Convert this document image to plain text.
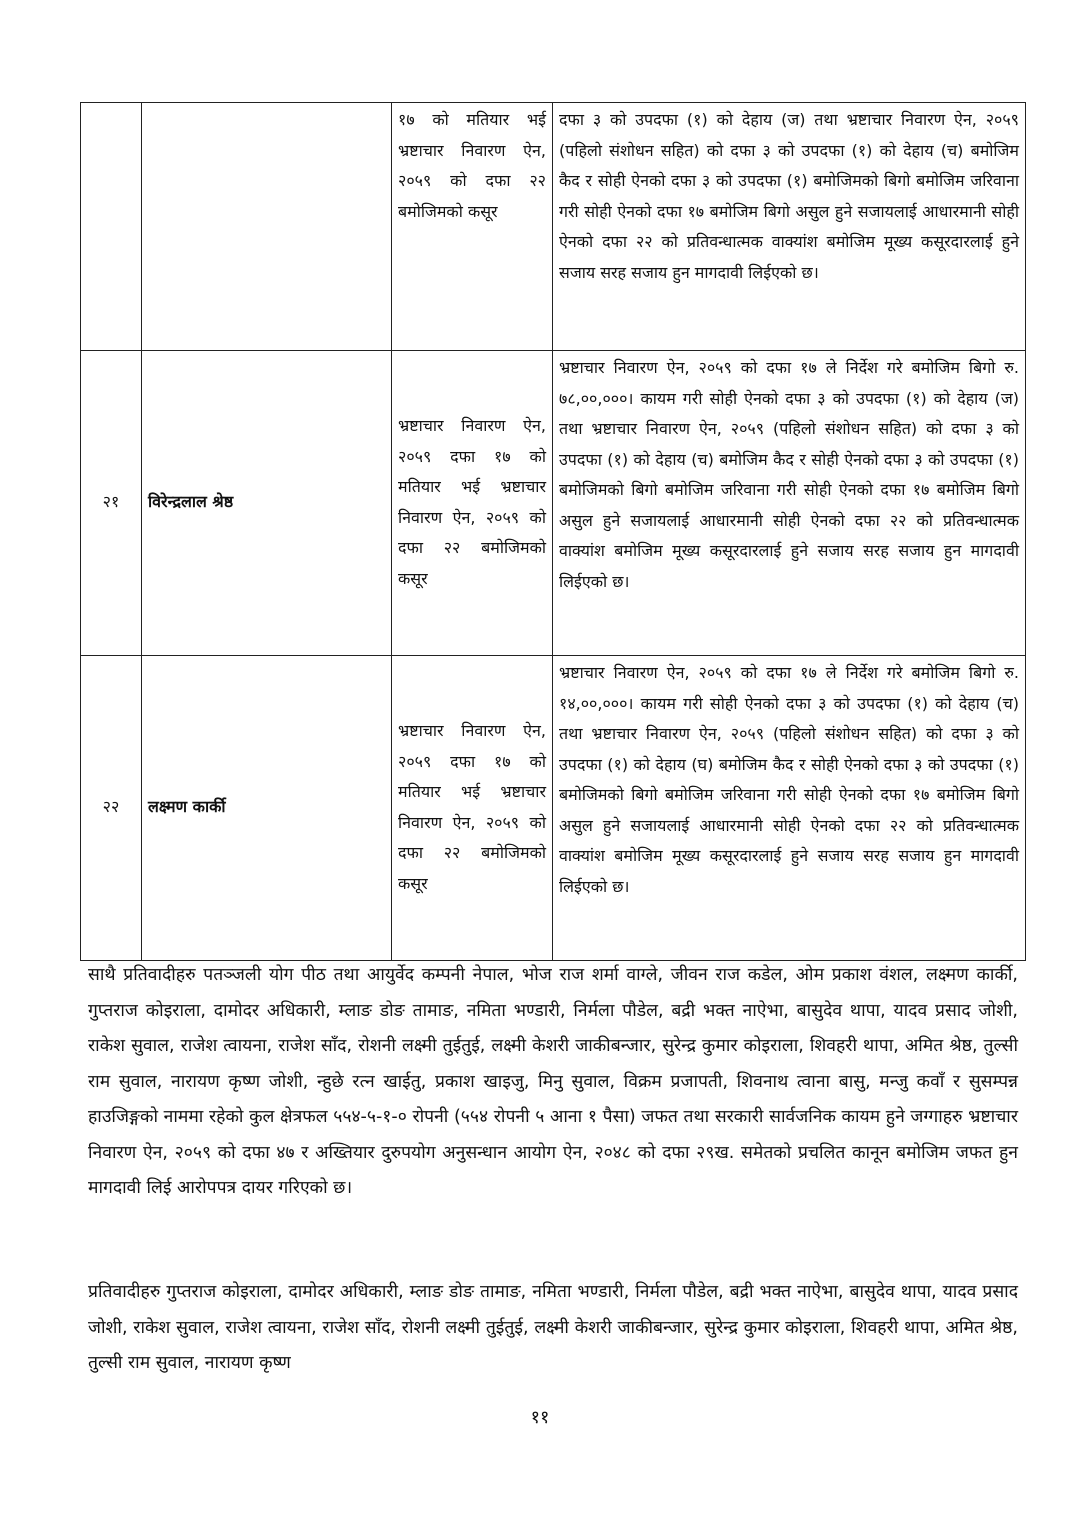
		१७ को मतियार भई भ्रष्टाचार निवारण ऐन, २०५९ को दफा २२ बमोजिमको कसूर	दफा ३ को उपदफा (१) को देहाय (ज) तथा भ्रष्टाचार निवारण ऐन, २०५९ (पहिलो संशोधन सहित) को दफा ३ को उपदफा (१) को देहाय (च) बमोजिम कैद र सोही ऐनको दफा ३ को उपदफा (१) बमोजिमको बिगो बमोजिम जरिवाना गरी सोही ऐनको दफा १७ बमोजिम बिगो असुल हुने सजायलाई आधारमानी सोही ऐनको दफा २२ को प्रतिवन्धात्मक वाक्यांश बमोजिम मूख्य कसूरदारलाई हुने सजाय सरह सजाय हुन मागदावी लिईएको छ।
२१	विरेन्द्रलाल श्रेष्ठ	भ्रष्टाचार निवारण ऐन, २०५९ दफा १७ को मतियार भई भ्रष्टाचार निवारण ऐन, २०५९ को दफा २२ बमोजिमको कसूर	भ्रष्टाचार निवारण ऐन, २०५९ को दफा १७ ले निर्देश गरे बमोजिम बिगो रु. ७८,००,०००। कायम गरी सोही ऐनको दफा ३ को उपदफा (१) को देहाय (ज) तथा भ्रष्टाचार निवारण ऐन, २०५९ (पहिलो संशोधन सहित) को दफा ३ को उपदफा (१) को देहाय (च) बमोजिम कैद र सोही ऐनको दफा ३ को उपदफा (१) बमोजिमको बिगो बमोजिम जरिवाना गरी सोही ऐनको दफा १७ बमोजिम बिगो असुल हुने सजायलाई आधारमानी सोही ऐनको दफा २२ को प्रतिवन्धात्मक वाक्यांश बमोजिम मूख्य कसूरदारलाई हुने सजाय सरह सजाय हुन मागदावी लिईएको छ।
२२	लक्ष्मण कार्की	भ्रष्टाचार निवारण ऐन, २०५९ दफा १७ को मतियार भई भ्रष्टाचार निवारण ऐन, २०५९ को दफा २२ बमोजिमको कसूर	भ्रष्टाचार निवारण ऐन, २०५९ को दफा १७ ले निर्देश गरे बमोजिम बिगो रु. १४,००,०००। कायम गरी सोही ऐनको दफा ३ को उपदफा (१) को देहाय (च) तथा भ्रष्टाचार निवारण ऐन, २०५९ (पहिलो संशोधन सहित) को दफा ३ को उपदफा (१) को देहाय (घ) बमोजिम कैद र सोही ऐनको दफा ३ को उपदफा (१) बमोजिमको बिगो बमोजिम जरिवाना गरी सोही ऐनको दफा १७ बमोजिम बिगो असुल हुने सजायलाई आधारमानी सोही ऐनको दफा २२ को प्रतिवन्धात्मक वाक्यांश बमोजिम मूख्य कसूरदारलाई हुने सजाय सरह सजाय हुन मागदावी लिईएको छ।

साथै प्रतिवादीहरु पतञ्जली योग पीठ तथा आयुर्वेद कम्पनी नेपाल, भोज राज शर्मा वाग्ले, जीवन राज कडेल, ओम प्रकाश वंशल, लक्ष्मण कार्की, गुप्तराज कोइराला, दामोदर अधिकारी, म्लाङ डोङ तामाङ, नमिता भण्डारी, निर्मला पौडेल, बद्री भक्त नाऐभा, बासुदेव थापा, यादव प्रसाद जोशी, राकेश सुवाल, राजेश त्वायना, राजेश साँद, रोशनी लक्ष्मी तुईतुई, लक्ष्मी केशरी जाकीबन्जार, सुरेन्द्र कुमार कोइराला, शिवहरी थापा, अमित श्रेष्ठ, तुल्सी राम सुवाल, नारायण कृष्ण जोशी, न्हुछे रत्न खाईतु, प्रकाश खाइजु, मिनु सुवाल, विक्रम प्रजापती, शिवनाथ त्वाना बासु, मन्जु कवाँ र सुसम्पन्न हाउजिङ्गको नाममा रहेको कुल क्षेत्रफल ५५४-५-१-० रोपनी (५५४ रोपनी ५ आना १ पैसा) जफत तथा सरकारी सार्वजनिक कायम हुने जग्गाहरु भ्रष्टाचार निवारण ऐन, २०५९ को दफा ४७ र अख्तियार दुरुपयोग अनुसन्धान आयोग ऐन, २०४८ को दफा २९ख. समेतको प्रचलित कानून बमोजिम जफत हुन मागदावी लिई आरोपपत्र दायर गरिएको छ।

प्रतिवादीहरु गुप्तराज कोइराला, दामोदर अधिकारी, म्लाङ डोङ तामाङ, नमिता भण्डारी, निर्मला पौडेल, बद्री भक्त नाऐभा, बासुदेव थापा, यादव प्रसाद जोशी, राकेश सुवाल, राजेश त्वायना, राजेश साँद, रोशनी लक्ष्मी तुईतुई, लक्ष्मी केशरी जाकीबन्जार, सुरेन्द्र कुमार कोइराला, शिवहरी थापा, अमित श्रेष्ठ, तुल्सी राम सुवाल, नारायण कृष्ण

११
